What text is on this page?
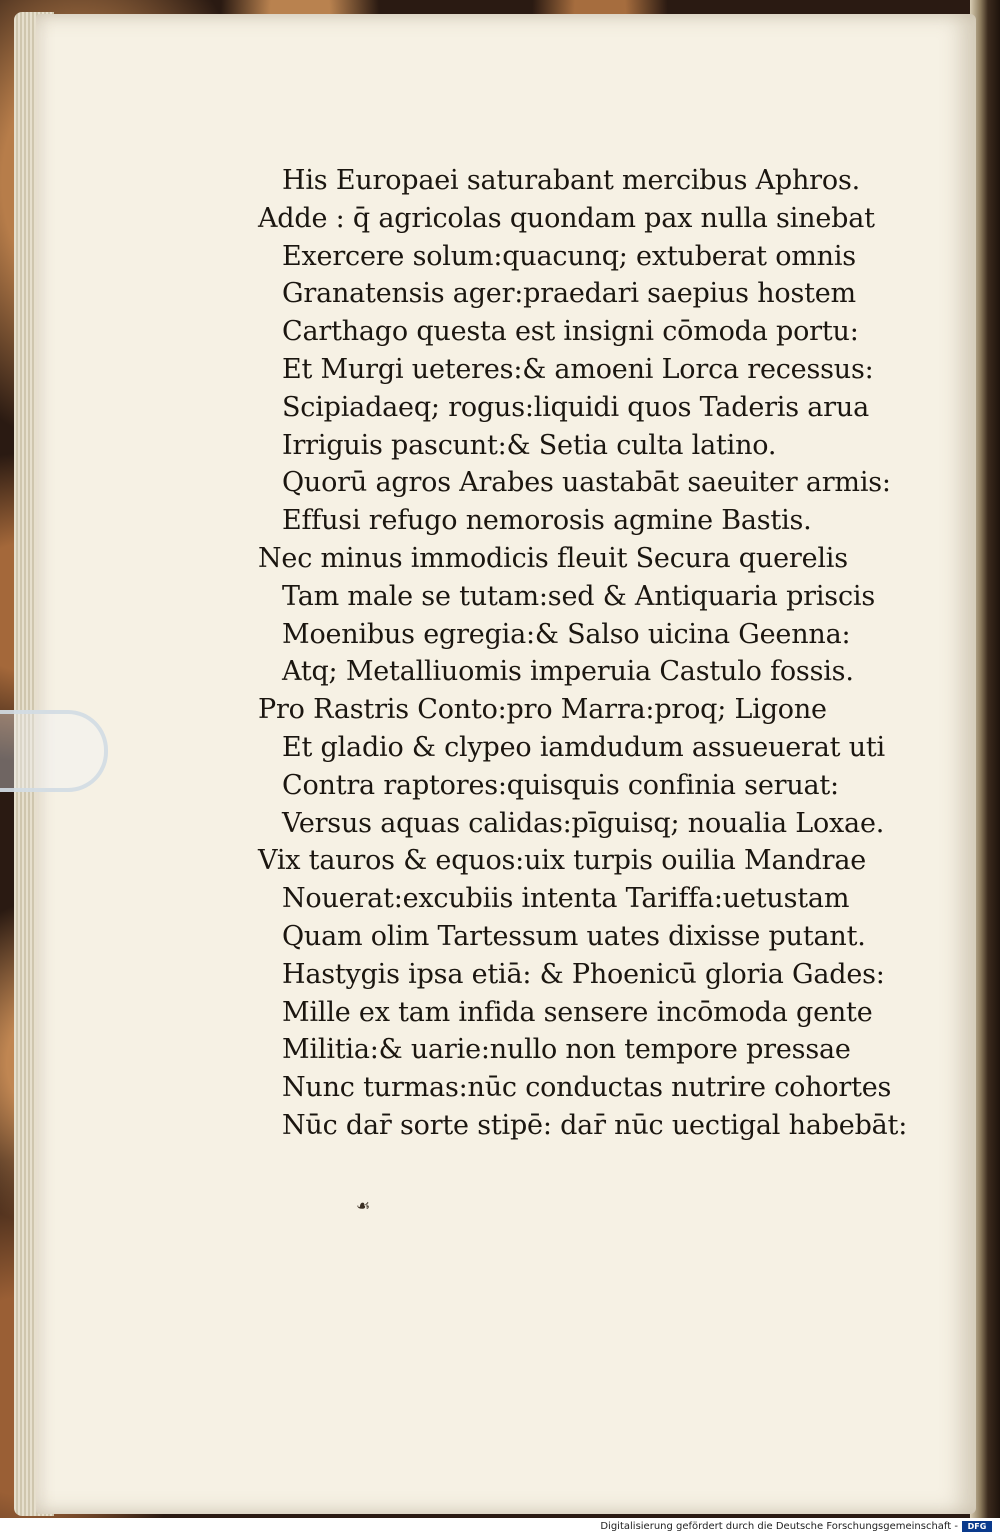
His Europaei saturabant mercibus Aphros.
Adde : q̄ agricolas quondam pax nulla sinebat
Exercere solum:quacunq; extuberat omnis
Granatensis ager:praedari saepius hostem
Carthago questa est insigni cōmoda portu:
Et Murgi ueteres:& amoeni Lorca recessus:
Scipiadaeq; rogus:liquidi quos Taderis arua
Irriguis pascunt:& Setia culta latino.
Quorū agros Arabes uastabāt saeuiter armis:
Effusi refugo nemorosis agmine Bastis.
Nec minus immodicis fleuit Secura querelis
Tam male se tutam:sed & Antiquaria priscis
Moenibus egregia:& Salso uicina Geenna:
Atq; Metalliuomis imperuia Castulo fossis.
Pro Rastris Conto:pro Marra:proq; Ligone
Et gladio & clypeo iamdudum assueuerat uti
Contra raptores:quisquis confinia seruat:
Versus aquas calidas:pīguisq; noualia Loxae.
Vix tauros & equos:uix turpis ouilia Mandrae
Nouerat:excubiis intenta Tariffa:uetustam
Quam olim Tartessum uates dixisse putant.
Hastygis ipsa etiā: & Phoenicū gloria Gades:
Mille ex tam infida sensere incōmoda gente
Militia:& uarie:nullo non tempore pressae
Nunc turmas:nūc conductas nutrire cohortes
Nūc dar̄ sorte stipē: dar̄ nūc uectigal habebāt:
☙
Digitalisierung gefördert durch die Deutsche Forschungsgemeinschaft -	DFG
